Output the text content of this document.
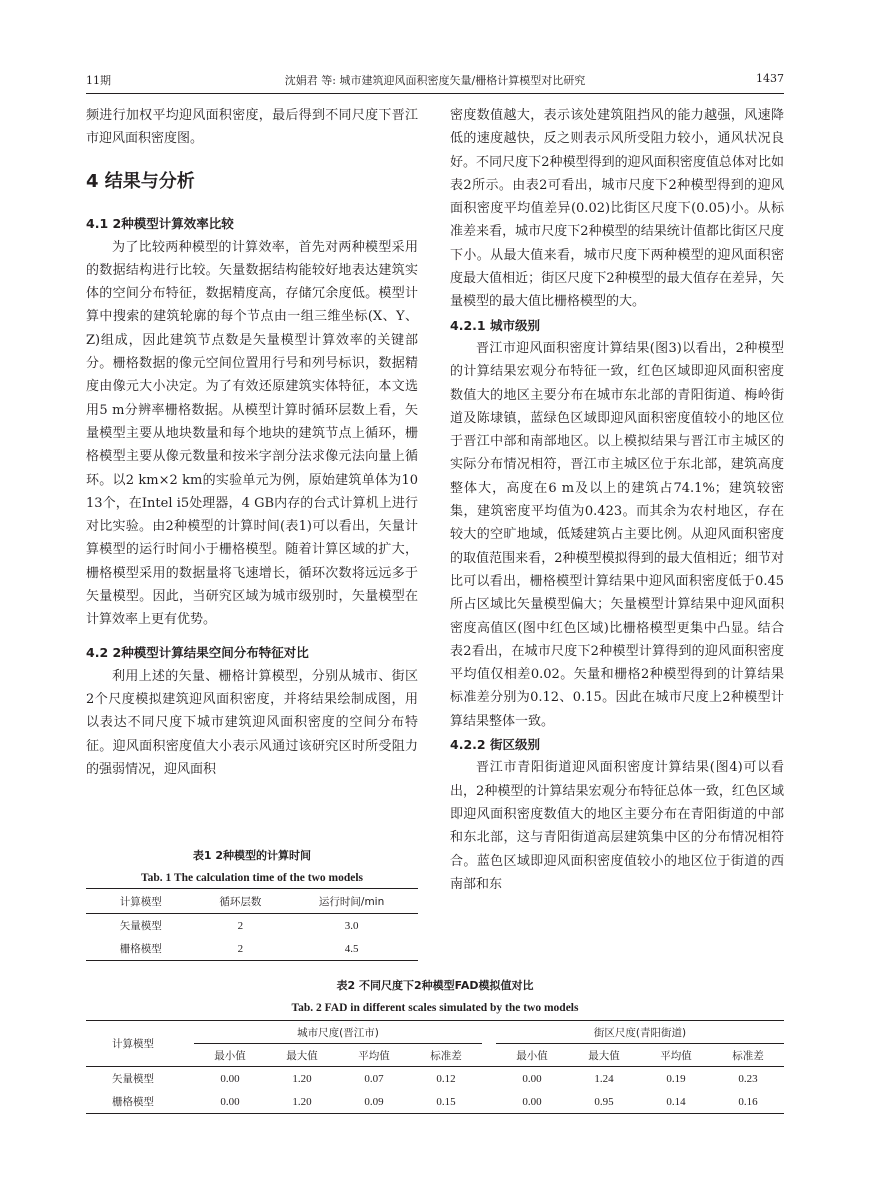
11期	沈娟君 等: 城市建筑迎风面积密度矢量/栅格计算模型对比研究	1437

频进行加权平均迎风面积密度，最后得到不同尺度下晋江市迎风面积密度图。

4 结果与分析
4.1 2种模型计算效率比较

为了比较两种模型的计算效率，首先对两种模型采用的数据结构进行比较。矢量数据结构能较好地表达建筑实体的空间分布特征，数据精度高，存储冗余度低。模型计算中搜索的建筑轮廓的每个节点由一组三维坐标(X、Y、Z)组成，因此建筑节点数是矢量模型计算效率的关键部分。栅格数据的像元空间位置用行号和列号标识，数据精度由像元大小决定。为了有效还原建筑实体特征，本文选用5 m分辨率栅格数据。从模型计算时循环层数上看，矢量模型主要从地块数量和每个地块的建筑节点上循环，栅格模型主要从像元数量和按米字剖分法求像元法向量上循环。以2 km×2 km的实验单元为例，原始建筑单体为1013个，在Intel i5处理器，4 GB内存的台式计算机上进行对比实验。由2种模型的计算时间(表1)可以看出，矢量计算模型的运行时间小于栅格模型。随着计算区域的扩大，栅格模型采用的数据量将飞速增长，循环次数将远远多于矢量模型。因此，当研究区域为城市级别时，矢量模型在计算效率上更有优势。

4.2 2种模型计算结果空间分布特征对比

利用上述的矢量、栅格计算模型，分别从城市、街区2个尺度模拟建筑迎风面积密度，并将结果绘制成图，用以表达不同尺度下城市建筑迎风面积密度的空间分布特征。迎风面积密度值大小表示风通过该研究区时所受阻力的强弱情况，迎风面积

密度数值越大，表示该处建筑阻挡风的能力越强，风速降低的速度越快，反之则表示风所受阻力较小，通风状况良好。不同尺度下2种模型得到的迎风面积密度值总体对比如表2所示。由表2可看出，城市尺度下2种模型得到的迎风面积密度平均值差异(0.02)比街区尺度下(0.05)小。从标准差来看，城市尺度下2种模型的结果统计值都比街区尺度下小。从最大值来看，城市尺度下两种模型的迎风面积密度最大值相近；街区尺度下2种模型的最大值存在差异，矢量模型的最大值比栅格模型的大。

4.2.1 城市级别

晋江市迎风面积密度计算结果(图3)以看出，2种模型的计算结果宏观分布特征一致，红色区域即迎风面积密度数值大的地区主要分布在城市东北部的青阳街道、梅岭街道及陈埭镇，蓝绿色区域即迎风面积密度值较小的地区位于晋江中部和南部地区。以上模拟结果与晋江市主城区的实际分布情况相符，晋江市主城区位于东北部，建筑高度整体大，高度在6 m及以上的建筑占74.1%；建筑较密集，建筑密度平均值为0.423。而其余为农村地区，存在较大的空旷地域，低矮建筑占主要比例。从迎风面积密度的取值范围来看，2种模型模拟得到的最大值相近；细节对比可以看出，栅格模型计算结果中迎风面积密度低于0.45所占区域比矢量模型偏大；矢量模型计算结果中迎风面积密度高值区(图中红色区域)比栅格模型更集中凸显。结合表2看出，在城市尺度下2种模型计算得到的迎风面积密度平均值仅相差0.02。矢量和栅格2种模型得到的计算结果标准差分别为0.12、0.15。因此在城市尺度上2种模型计算结果整体一致。

4.2.2 街区级别

晋江市青阳街道迎风面积密度计算结果(图4)可以看出，2种模型的计算结果宏观分布特征总体一致，红色区域即迎风面积密度数值大的地区主要分布在青阳街道的中部和东北部，这与青阳街道高层建筑集中区的分布情况相符合。蓝色区域即迎风面积密度值较小的地区位于街道的西南部和东

表1 2种模型的计算时间

Tab. 1 The calculation time of the two models

计算模型	循环层数	运行时间/min
矢量模型	2	3.0
栅格模型	2	4.5

表2 不同尺度下2种模型FAD模拟值对比

Tab. 2 FAD in different scales simulated by the two models

计算模型		城市尺度(晋江市)					街区尺度(青阳街道)			
		最小值	最大值	平均值	标准差		最小值	最大值	平均值	标准差
矢量模型		0.00	1.20	0.07	0.12		0.00	1.24	0.19	0.23
栅格模型		0.00	1.20	0.09	0.15		0.00	0.95	0.14	0.16
